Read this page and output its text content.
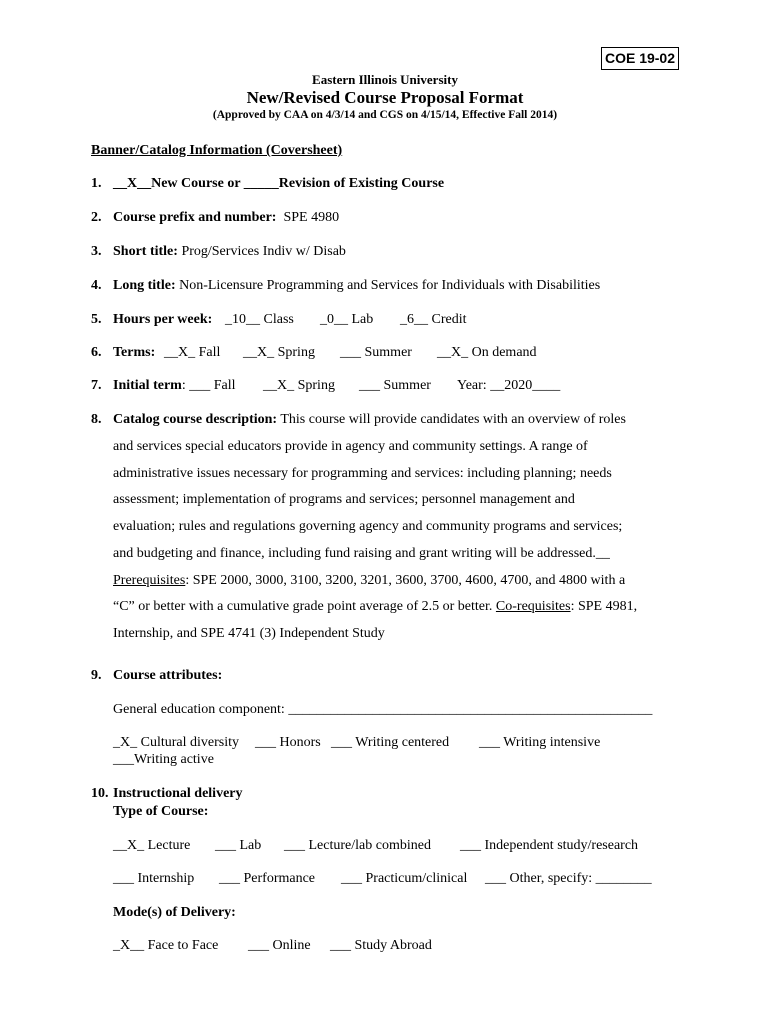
COE 19-02
Eastern Illinois University
New/Revised Course Proposal Format
(Approved by CAA on 4/3/14 and CGS on 4/15/14, Effective Fall 2014)
Banner/Catalog Information (Coversheet)
1. __X__New Course or _____Revision of Existing Course
2. Course prefix and number: SPE 4980
3. Short title: Prog/Services Indiv w/ Disab
4. Long title: Non-Licensure Programming and Services for Individuals with Disabilities
5. Hours per week: _10__ Class _0__ Lab _6__ Credit
6. Terms: __X_ Fall __X_ Spring ___ Summer __X_ On demand
7. Initial term: ___ Fall __X_ Spring ___ Summer Year: __2020____
8. Catalog course description: This course will provide candidates with an overview of roles
and services special educators provide in agency and community settings. A range of
administrative issues necessary for programming and services: including planning; needs
assessment; implementation of programs and services; personnel management and
evaluation; rules and regulations governing agency and community programs and services;
and budgeting and finance, including fund raising and grant writing will be addressed.__
Prerequisites: SPE 2000, 3000, 3100, 3200, 3201, 3600, 3700, 4600, 4700, and 4800 with a
“C” or better with a cumulative grade point average of 2.5 or better. Co-requisites: SPE 4981,
Internship, and SPE 4741 (3) Independent Study
9. Course attributes:
General education component: ____________________________________________________
_X_ Cultural diversity ___ Honors ___ Writing centered ___ Writing intensive
___Writing active
10. Instructional delivery
Type of Course:
__X_ Lecture ___ Lab ___ Lecture/lab combined ___ Independent study/research
___ Internship ___ Performance ___ Practicum/clinical ___ Other, specify: ________
Mode(s) of Delivery:
_X__ Face to Face ___ Online ___ Study Abroad
